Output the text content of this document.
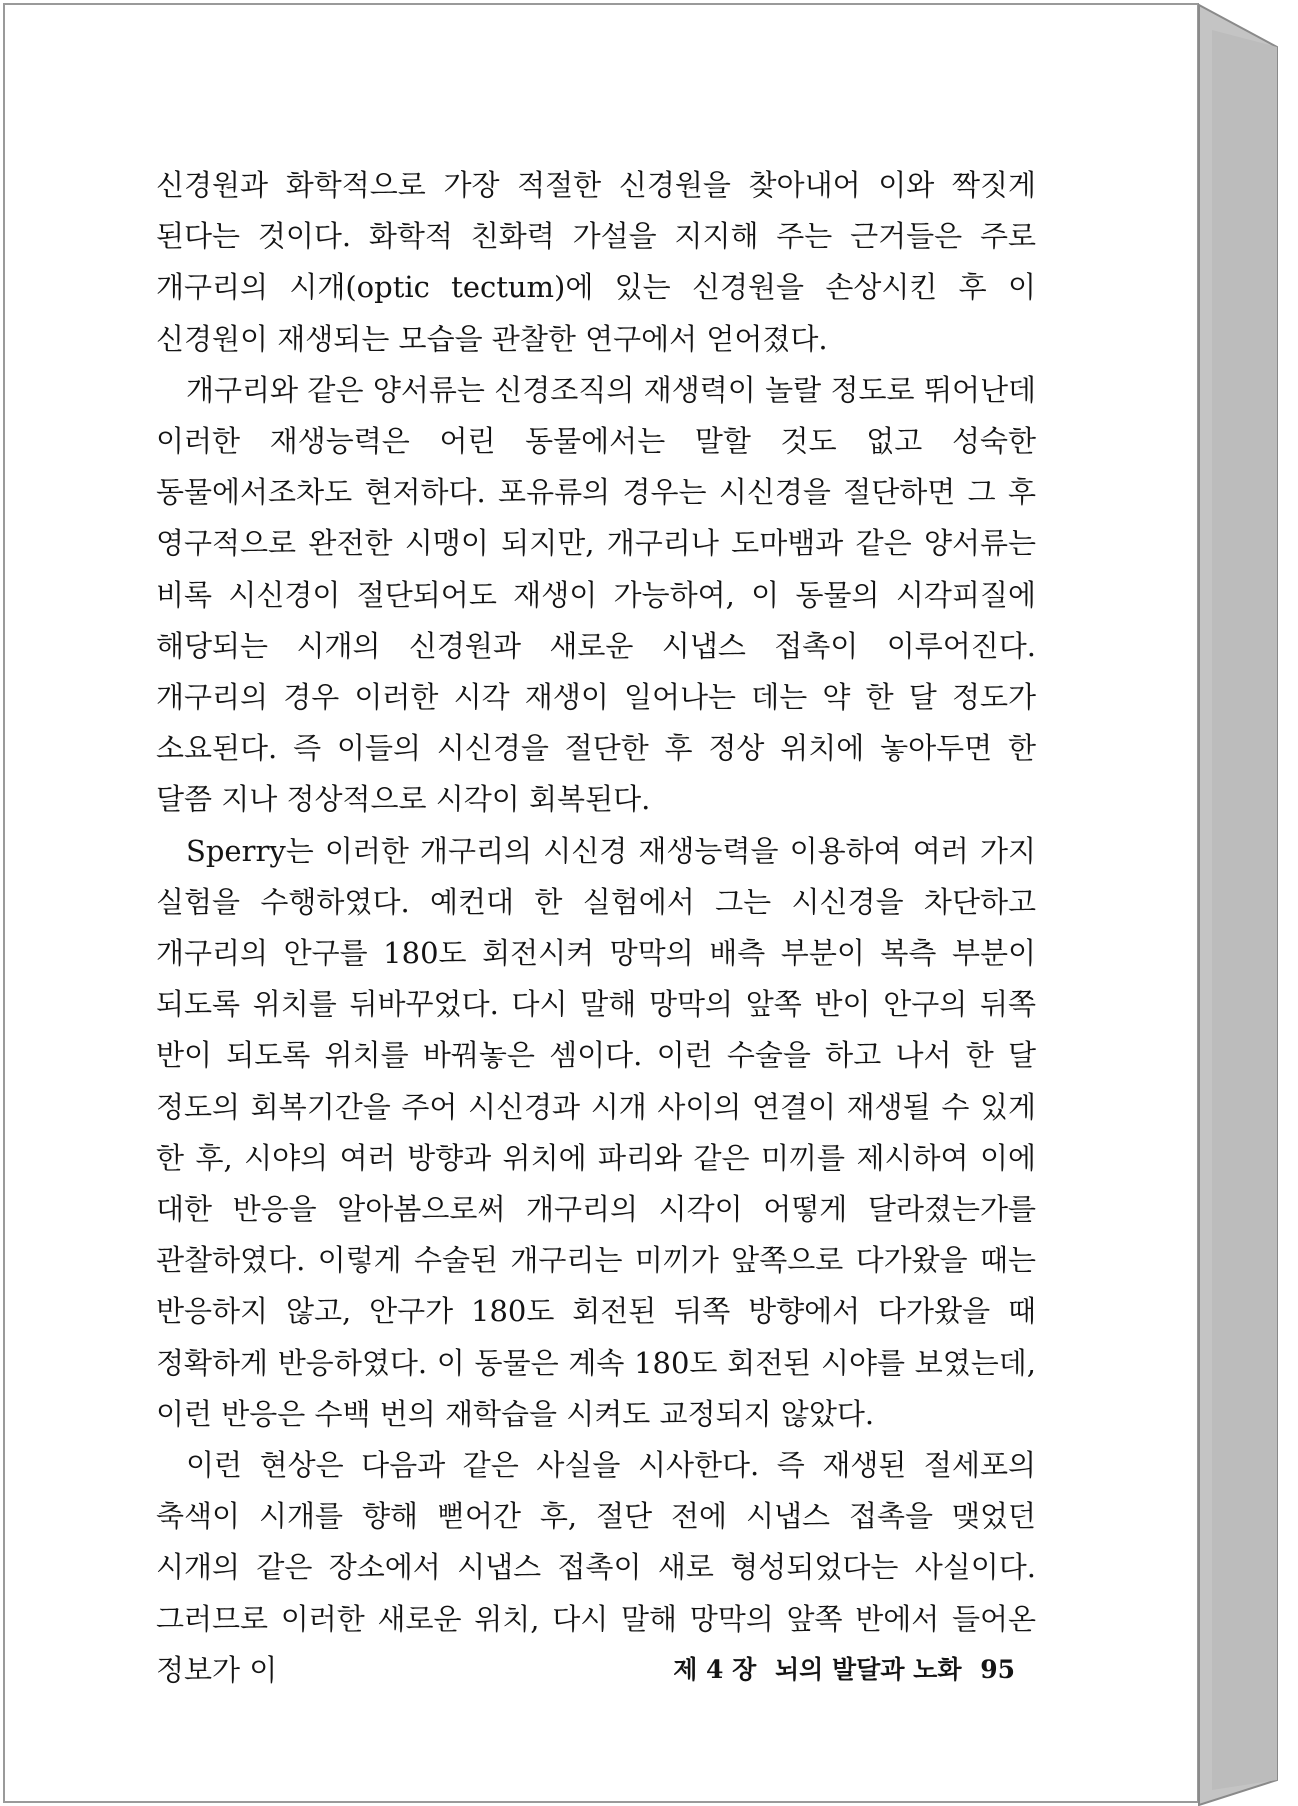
신경원과 화학적으로 가장 적절한 신경원을 찾아내어 이와 짝짓게 된다는 것이다. 화학적 친화력 가설을 지지해 주는 근거들은 주로 개구리의 시개(optic tectum)에 있는 신경원을 손상시킨 후 이 신경원이 재생되는 모습을 관찰한 연구에서 얻어졌다.

개구리와 같은 양서류는 신경조직의 재생력이 놀랄 정도로 뛰어난데 이러한 재생능력은 어린 동물에서는 말할 것도 없고 성숙한 동물에서조차도 현저하다. 포유류의 경우는 시신경을 절단하면 그 후 영구적으로 완전한 시맹이 되지만, 개구리나 도마뱀과 같은 양서류는 비록 시신경이 절단되어도 재생이 가능하여, 이 동물의 시각피질에 해당되는 시개의 신경원과 새로운 시냅스 접촉이 이루어진다. 개구리의 경우 이러한 시각 재생이 일어나는 데는 약 한 달 정도가 소요된다. 즉 이들의 시신경을 절단한 후 정상 위치에 놓아두면 한 달쯤 지나 정상적으로 시각이 회복된다.

Sperry는 이러한 개구리의 시신경 재생능력을 이용하여 여러 가지 실험을 수행하였다. 예컨대 한 실험에서 그는 시신경을 차단하고 개구리의 안구를 180도 회전시켜 망막의 배측 부분이 복측 부분이 되도록 위치를 뒤바꾸었다. 다시 말해 망막의 앞쪽 반이 안구의 뒤쪽 반이 되도록 위치를 바꿔놓은 셈이다. 이런 수술을 하고 나서 한 달 정도의 회복기간을 주어 시신경과 시개 사이의 연결이 재생될 수 있게 한 후, 시야의 여러 방향과 위치에 파리와 같은 미끼를 제시하여 이에 대한 반응을 알아봄으로써 개구리의 시각이 어떻게 달라졌는가를 관찰하였다. 이렇게 수술된 개구리는 미끼가 앞쪽으로 다가왔을 때는 반응하지 않고, 안구가 180도 회전된 뒤쪽 방향에서 다가왔을 때 정확하게 반응하였다. 이 동물은 계속 180도 회전된 시야를 보였는데, 이런 반응은 수백 번의 재학습을 시켜도 교정되지 않았다.

이런 현상은 다음과 같은 사실을 시사한다. 즉 재생된 절세포의 축색이 시개를 향해 뻗어간 후, 절단 전에 시냅스 접촉을 맺었던 시개의 같은 장소에서 시냅스 접촉이 새로 형성되었다는 사실이다. 그러므로 이러한 새로운 위치, 다시 말해 망막의 앞쪽 반에서 들어온 정보가 이	제 4 장 뇌의 발달과 노화 95
